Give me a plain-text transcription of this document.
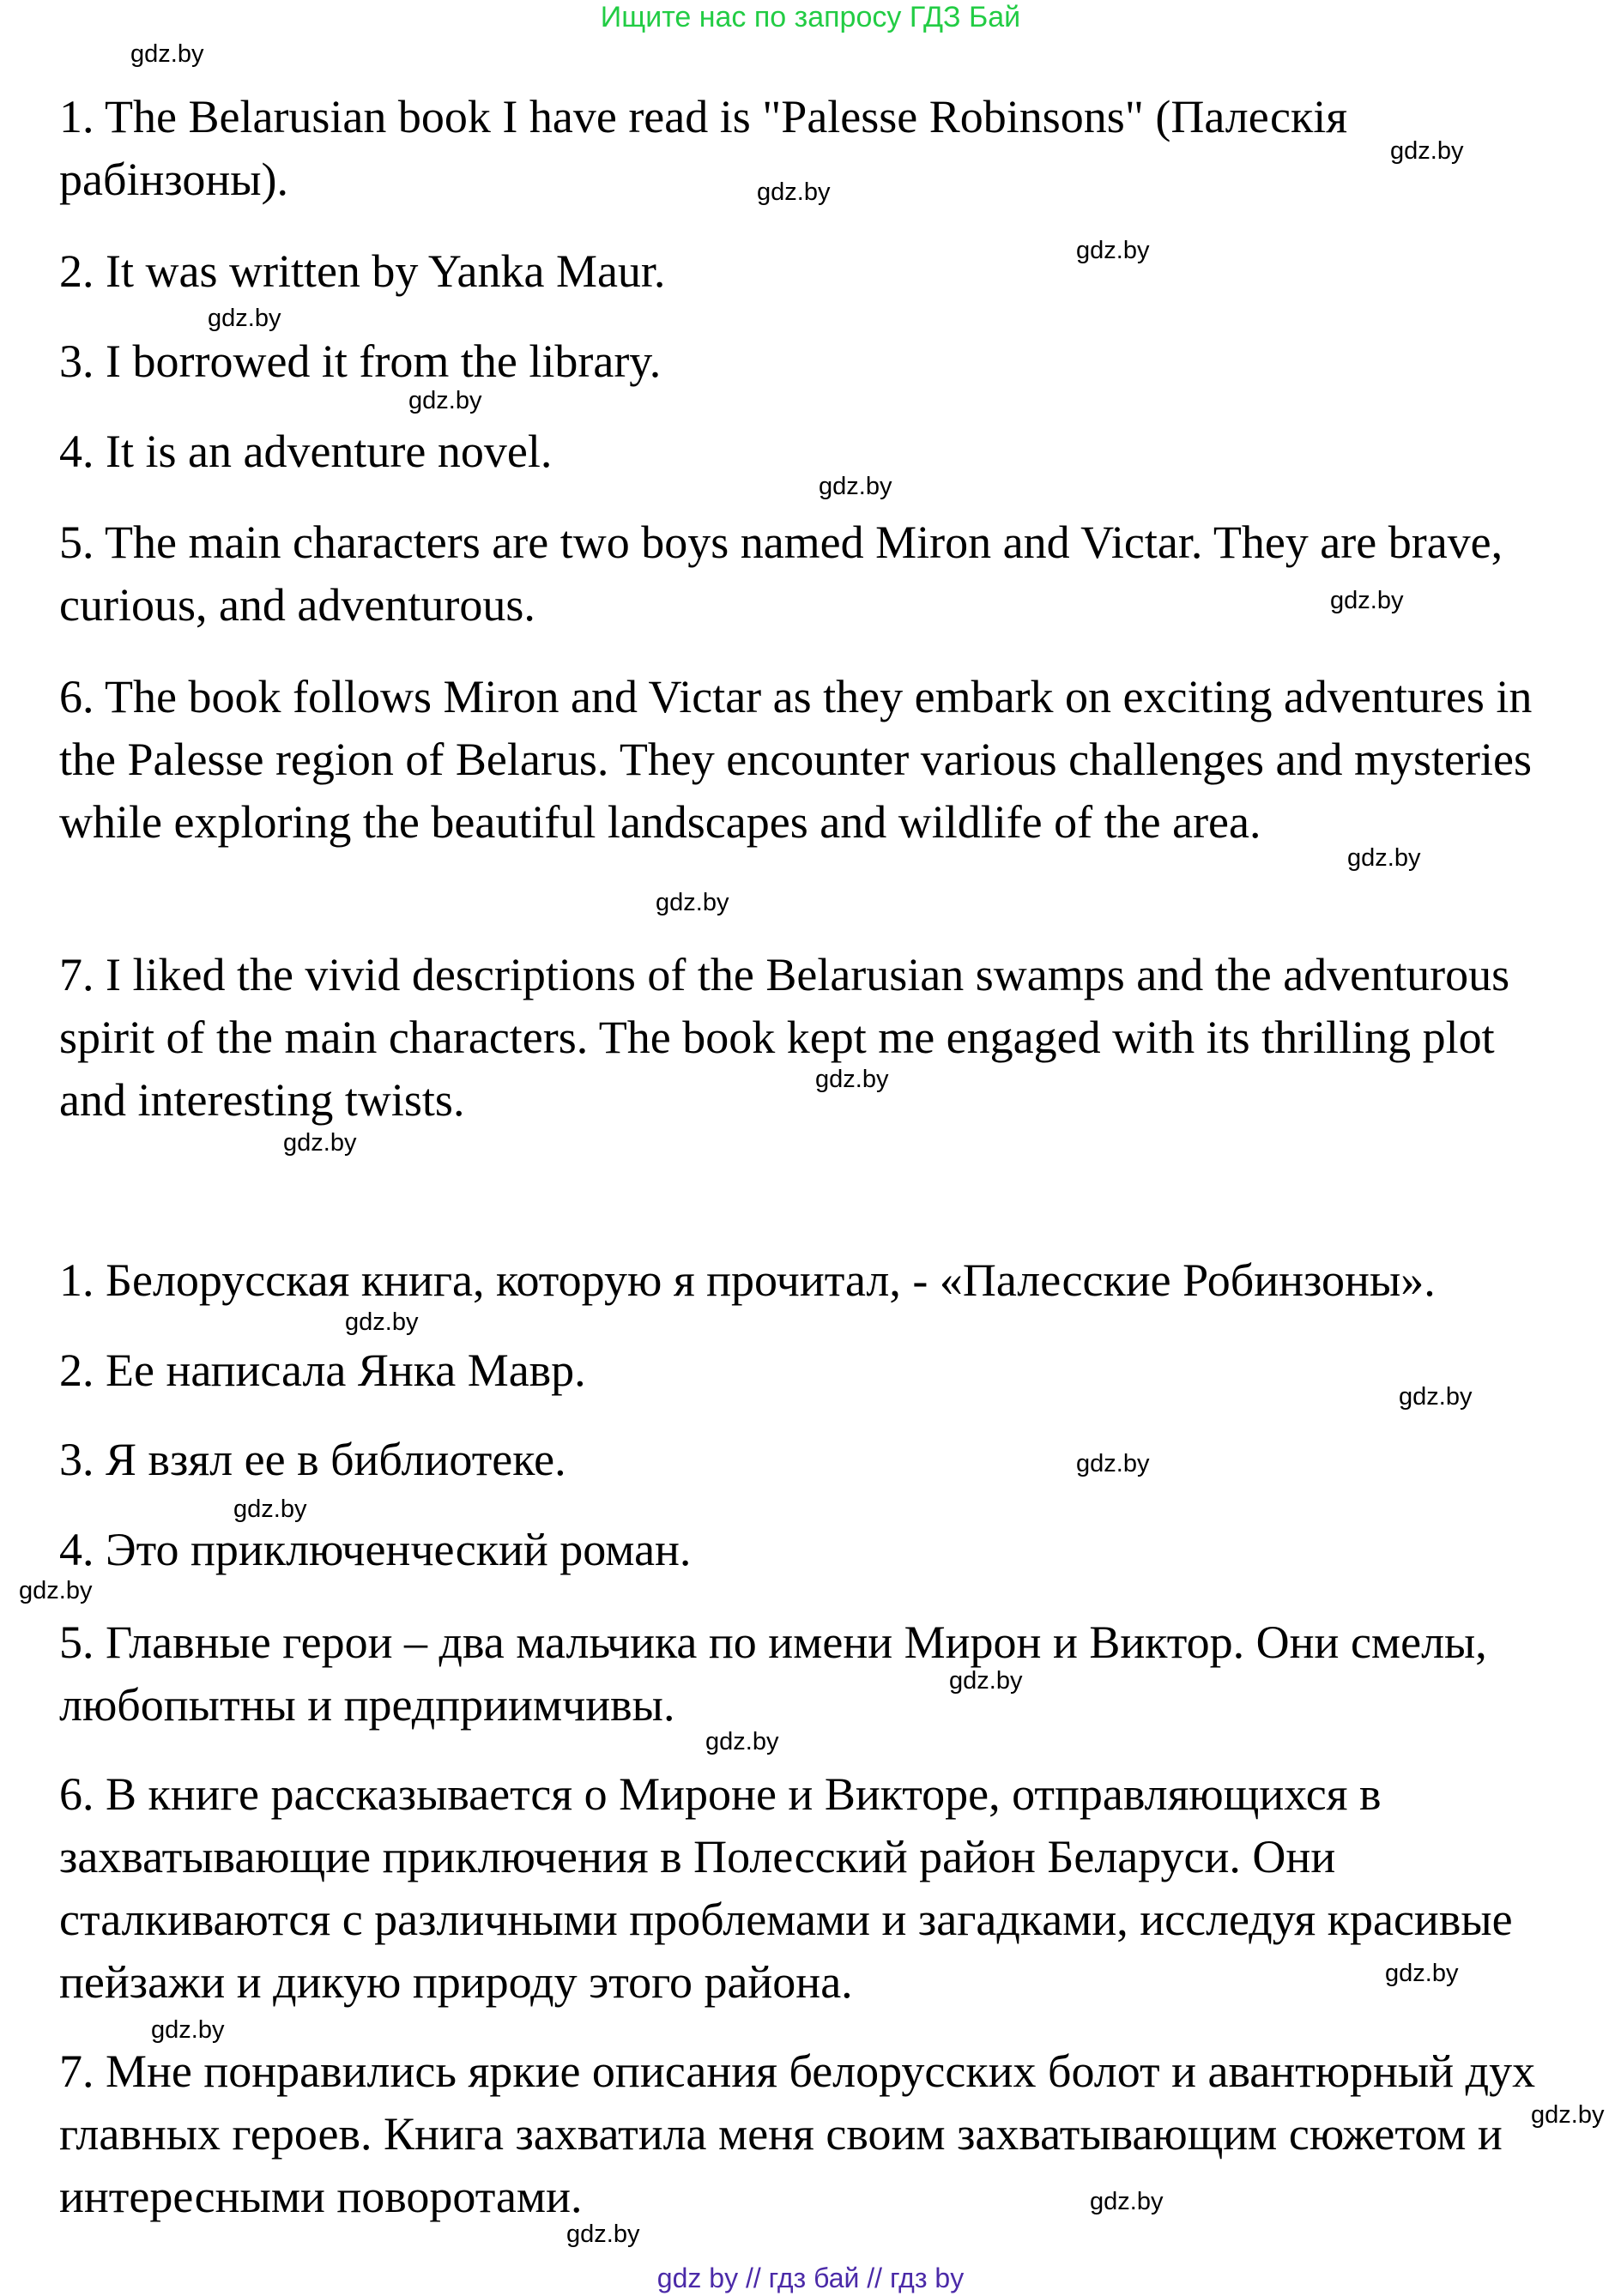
Ищите нас по запросу ГДЗ Бай
1. The Belarusian book I have read is "Palesse Robinsons" (Палескія рабінзоны).
2. It was written by Yanka Maur.
3. I borrowed it from the library.
4. It is an adventure novel.
5. The main characters are two boys named Miron and Victar. They are brave, curious, and adventurous.
6. The book follows Miron and Victar as they embark on exciting adventures in the Palesse region of Belarus. They encounter various challenges and mysteries while exploring the beautiful landscapes and wildlife of the area.
7. I liked the vivid descriptions of the Belarusian swamps and the adventurous spirit of the main characters. The book kept me engaged with its thrilling plot and interesting twists.
1. Белорусская книга, которую я прочитал, - «Палесские Робинзоны».
2. Ее написала Янка Мавр.
3. Я взял ее в библиотеке.
4. Это приключенческий роман.
5. Главные герои – два мальчика по имени Мирон и Виктор. Они смелы, любопытны и предприимчивы.
6. В книге рассказывается о Мироне и Викторе, отправляющихся в захватывающие приключения в Полесский район Беларуси. Они сталкиваются с различными проблемами и загадками, исследуя красивые пейзажи и дикую природу этого района.
7. Мне понравились яркие описания белорусских болот и авантюрный дух главных героев. Книга захватила меня своим захватывающим сюжетом и интересными поворотами.
gdz.by
gdz.by
gdz.by
gdz.by
gdz.by
gdz.by
gdz.by
gdz.by
gdz.by
gdz.by
gdz.by
gdz.by
gdz.by
gdz.by
gdz.by
gdz.by
gdz.by
gdz.by
gdz.by
gdz.by
gdz.by
gdz.by
gdz.by
gdz.by
gdz by // гдз бай // гдз by
